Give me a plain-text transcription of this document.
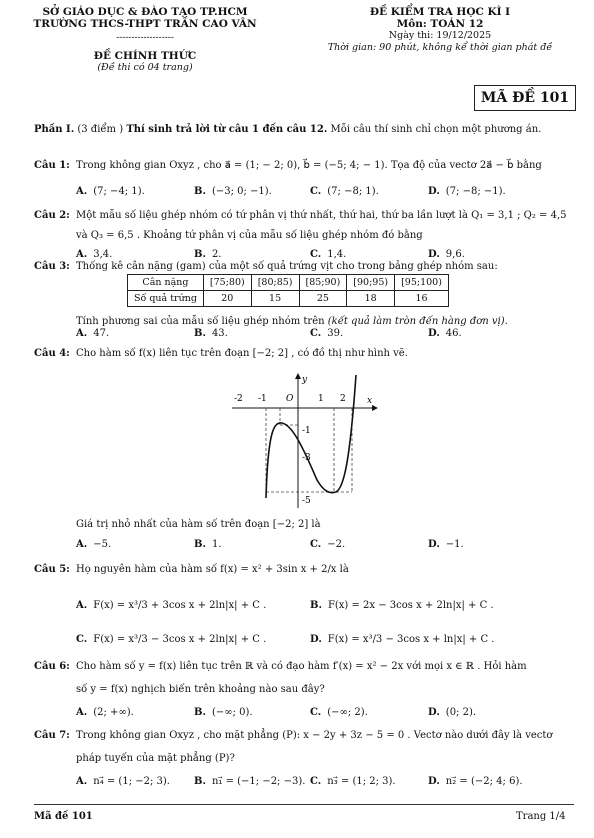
SỞ GIÁO DỤC & ĐÀO TẠO TP.HCM
TRƯỜNG THCS-THPT TRẦN CAO VÂN
-------------------
ĐỀ CHÍNH THỨC
(Đề thi có 04 trang)
ĐỀ KIỂM TRA HỌC KÌ I
Môn: TOÁN 12
Ngày thi: 19/12/2025
Thời gian: 90 phút, không kể thời gian phát đề
MÃ ĐỀ 101
Phần I. (3 điểm ) Thí sinh trả lời từ câu 1 đến câu 12. Mỗi câu thí sinh chỉ chọn một phương án.
Câu 1: Trong không gian Oxyz , cho a⃗ = (1; − 2; 0), b⃗ = (−5; 4; − 1). Tọa độ của vectơ 2a⃗ − b⃗ bằng
A. (7; −4; 1).	B. (−3; 0; −1).	C. (7; −8; 1).	D. (7; −8; −1).
Câu 2: Một mẫu số liệu ghép nhóm có tứ phân vị thứ nhất, thứ hai, thứ ba lần lượt là Q₁ = 3,1 ; Q₂ = 4,5
và Q₃ = 6,5 . Khoảng tứ phân vị của mẫu số liệu ghép nhóm đó bằng
A. 3,4.	B. 2.	C. 1,4.	D. 9,6.
Câu 3: Thống kê cân nặng (gam) của một số quả trứng vịt cho trong bảng ghép nhóm sau:
Cân nặng	[75;80)	[80;85)	[85;90)	[90;95)	[95;100)
Số quả trứng	20	15	25	18	16
Tính phương sai của mẫu số liệu ghép nhóm trên (kết quả làm tròn đến hàng đơn vị).
A. 47.	B. 43.	C. 39.	D. 46.
Câu 4: Cho hàm số f(x) liên tục trên đoạn [−2; 2] , có đồ thị như hình vẽ.
-2 -1 O	1 2 x
y
-1
-3
-5
Giá trị nhỏ nhất của hàm số trên đoạn [−2; 2] là
A. −5.	B. 1.	C. −2.	D. −1.
Câu 5: Họ nguyên hàm của hàm số f(x) = x² + 3sin x + 2/x là
A. F(x) = x³/3 + 3cos x + 2ln|x| + C .	B. F(x) = 2x − 3cos x + 2ln|x| + C .
C. F(x) = x³/3 − 3cos x + 2ln|x| + C .	D. F(x) = x³/3 − 3cos x + ln|x| + C .
Câu 6: Cho hàm số y = f(x) liên tục trên ℝ và có đạo hàm f′(x) = x² − 2x với mọi x ∈ ℝ . Hỏi hàm
số y = f(x) nghịch biến trên khoảng nào sau đây?
A. (2; +∞).	B. (−∞; 0).	C. (−∞; 2).	D. (0; 2).
Câu 7: Trong không gian Oxyz , cho mặt phẳng (P): x − 2y + 3z − 5 = 0 . Vectơ nào dưới đây là vectơ
pháp tuyến của mặt phẳng (P)?
A. n₄⃗ = (1; −2; 3). B. n₁⃗ = (−1; −2; −3). C. n₃⃗ = (1; 2; 3).	D. n₂⃗ = (−2; 4; 6).
Mã đề 101	Trang 1/4
